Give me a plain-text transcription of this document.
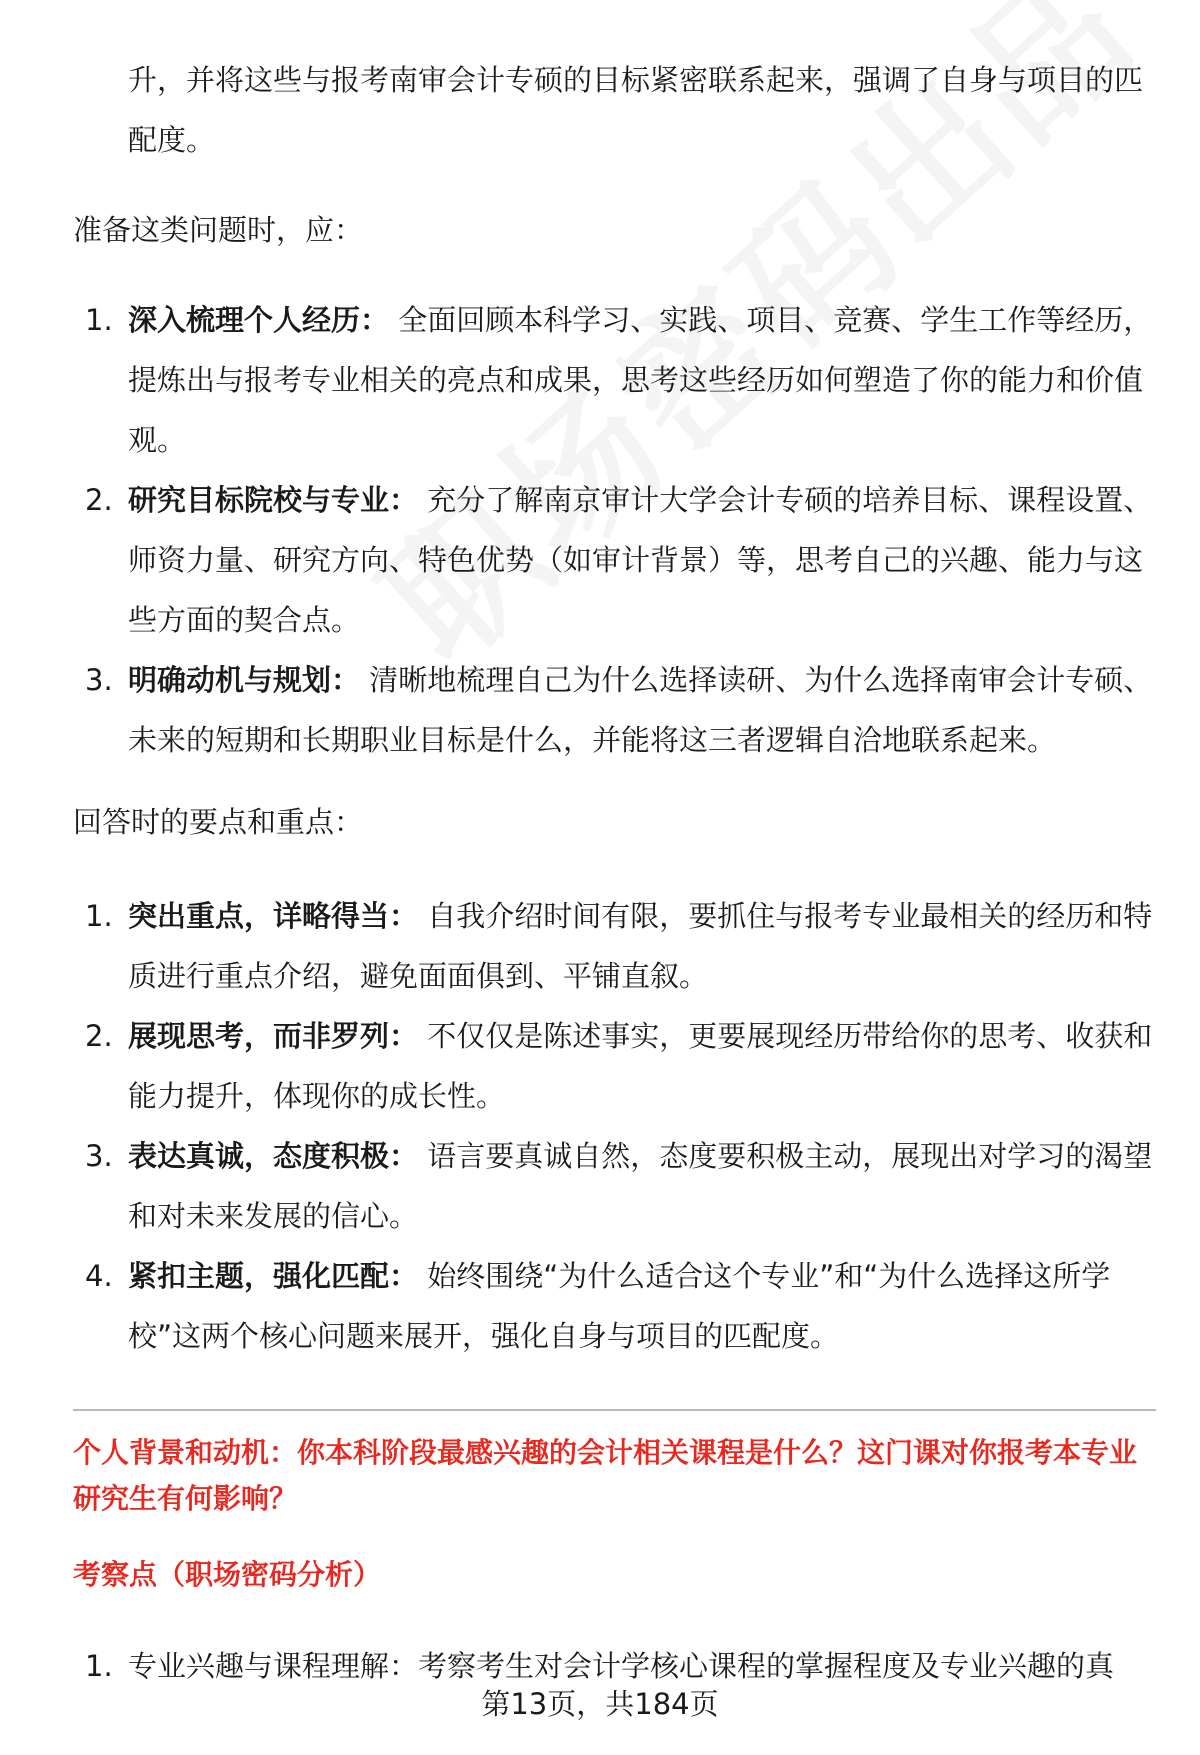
升，并将这些与报考南审会计专硕的目标紧密联系起来，强调了自身与项目的匹配度。

准备这类问题时，应：

1. 深入梳理个人经历： 全面回顾本科学习、实践、项目、竞赛、学生工作等经历，提炼出与报考专业相关的亮点和成果，思考这些经历如何塑造了你的能力和价值观。
2. 研究目标院校与专业： 充分了解南京审计大学会计专硕的培养目标、课程设置、师资力量、研究方向、特色优势（如审计背景）等，思考自己的兴趣、能力与这些方面的契合点。
3. 明确动机与规划： 清晰地梳理自己为什么选择读研、为什么选择南审会计专硕、未来的短期和长期职业目标是什么，并能将这三者逻辑自洽地联系起来。

回答时的要点和重点：

1. 突出重点，详略得当： 自我介绍时间有限，要抓住与报考专业最相关的经历和特质进行重点介绍，避免面面俱到、平铺直叙。
2. 展现思考，而非罗列： 不仅仅是陈述事实，更要展现经历带给你的思考、收获和能力提升，体现你的成长性。
3. 表达真诚，态度积极： 语言要真诚自然，态度要积极主动，展现出对学习的渴望和对未来发展的信心。
4. 紧扣主题，强化匹配： 始终围绕“为什么适合这个专业”和“为什么选择这所学校”这两个核心问题来展开，强化自身与项目的匹配度。
个人背景和动机：你本科阶段最感兴趣的会计相关课程是什么？这门课对你报考本专业研究生有何影响？
考察点（职场密码分析）
1. 专业兴趣与课程理解：考察考生对会计学核心课程的掌握程度及专业兴趣的真
第13页，共184页
